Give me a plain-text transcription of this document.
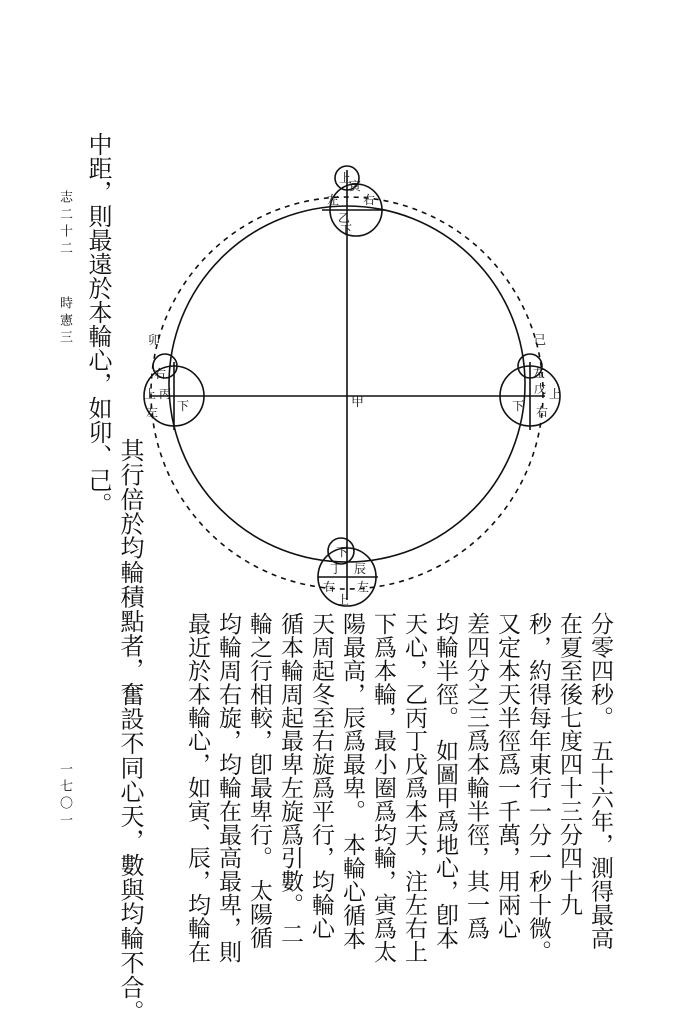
甲
上
左 右
寅
乙
下
卯
右
上 丙
左 下
己
左
戊 上
右
下
下
丁 辰
左
右
上
志二十二
時憲三
一七〇一
中距，則最遠於本輪心，如卯、己。
其行倍於均輪積點者，奮設不同心天，數與均輪不合。	分零四秒。五十六年，測得最高
在夏至後七度四十三分四十九
秒，約得每年東行一分一秒十微。
又定本天半徑爲一千萬，用兩心
差四分之三爲本輪半徑，其一爲
均輪半徑。如圖甲爲地心，卽本
天心，乙丙丁戊爲本天，注左右上
下爲本輪，最小圈爲均輪，寅爲太
陽最高，辰爲最卑。本輪心循本
天周起冬至右旋爲平行，均輪心
循本輪周起最卑左旋爲引數。二
輪之行相較，卽最卑行。太陽循
均輪周右旋，均輪在最高最卑，則
最近於本輪心，如寅、辰，均輪在
